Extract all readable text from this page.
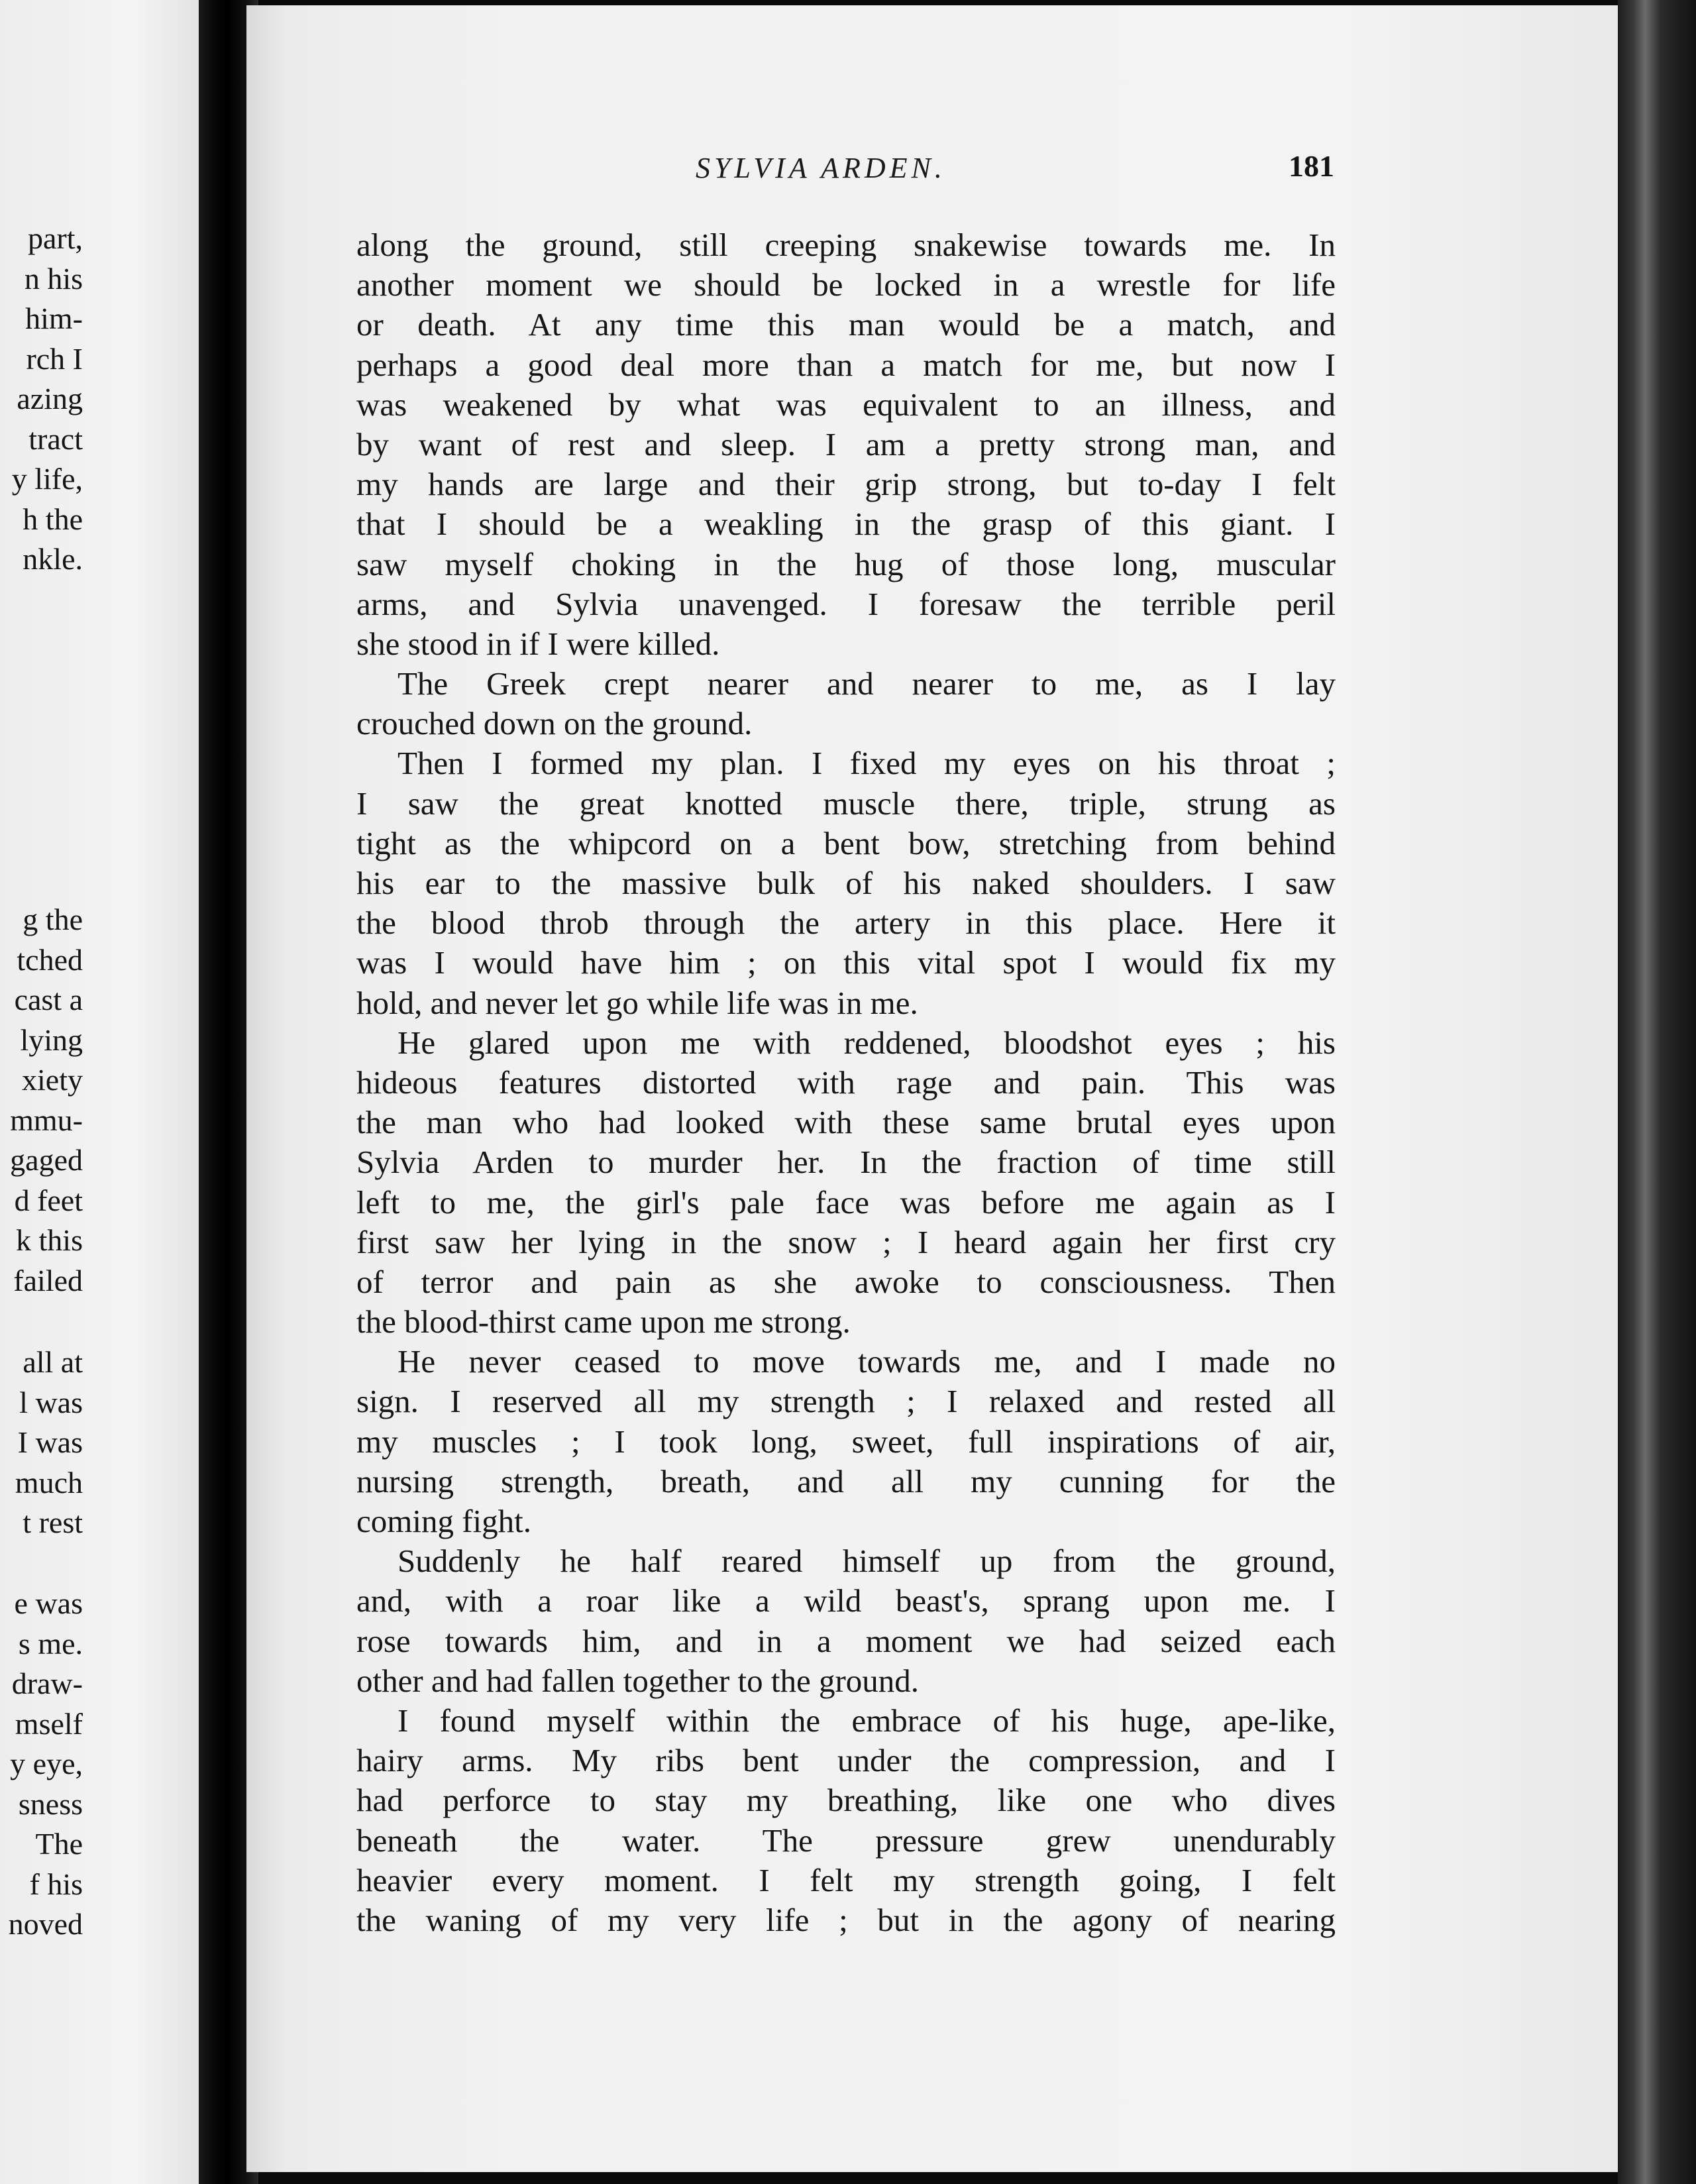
part,
n his
him-
rch I
azing
tract
y life,
h the
nkle.
g the
tched
cast a
lying
xiety
mmu-
gaged
d feet
k this
failed
all at
l was
I was
much
t rest
e was
s me.
draw-
mself
y eye,
sness
The
f his
noved
SYLVIA ARDEN.	181
along the ground, still creeping snakewise towards me. In
another moment we should be locked in a wrestle for life
or death. At any time this man would be a match, and
perhaps a good deal more than a match for me, but now I
was weakened by what was equivalent to an illness, and
by want of rest and sleep. I am a pretty strong man, and
my hands are large and their grip strong, but to-day I felt
that I should be a weakling in the grasp of this giant. I
saw myself choking in the hug of those long, muscular
arms, and Sylvia unavenged. I foresaw the terrible peril
she stood in if I were killed.
The Greek crept nearer and nearer to me, as I lay
crouched down on the ground.
Then I formed my plan. I fixed my eyes on his throat ;
I saw the great knotted muscle there, triple, strung as
tight as the whipcord on a bent bow, stretching from behind
his ear to the massive bulk of his naked shoulders. I saw
the blood throb through the artery in this place. Here it
was I would have him ; on this vital spot I would fix my
hold, and never let go while life was in me.
He glared upon me with reddened, bloodshot eyes ; his
hideous features distorted with rage and pain. This was
the man who had looked with these same brutal eyes upon
Sylvia Arden to murder her. In the fraction of time still
left to me, the girl's pale face was before me again as I
first saw her lying in the snow ; I heard again her first cry
of terror and pain as she awoke to consciousness. Then
the blood-thirst came upon me strong.
He never ceased to move towards me, and I made no
sign. I reserved all my strength ; I relaxed and rested all
my muscles ; I took long, sweet, full inspirations of air,
nursing strength, breath, and all my cunning for the
coming fight.
Suddenly he half reared himself up from the ground,
and, with a roar like a wild beast's, sprang upon me. I
rose towards him, and in a moment we had seized each
other and had fallen together to the ground.
I found myself within the embrace of his huge, ape-like,
hairy arms. My ribs bent under the compression, and I
had perforce to stay my breathing, like one who dives
beneath the water. The pressure grew unendurably
heavier every moment. I felt my strength going, I felt
the waning of my very life ; but in the agony of nearing
